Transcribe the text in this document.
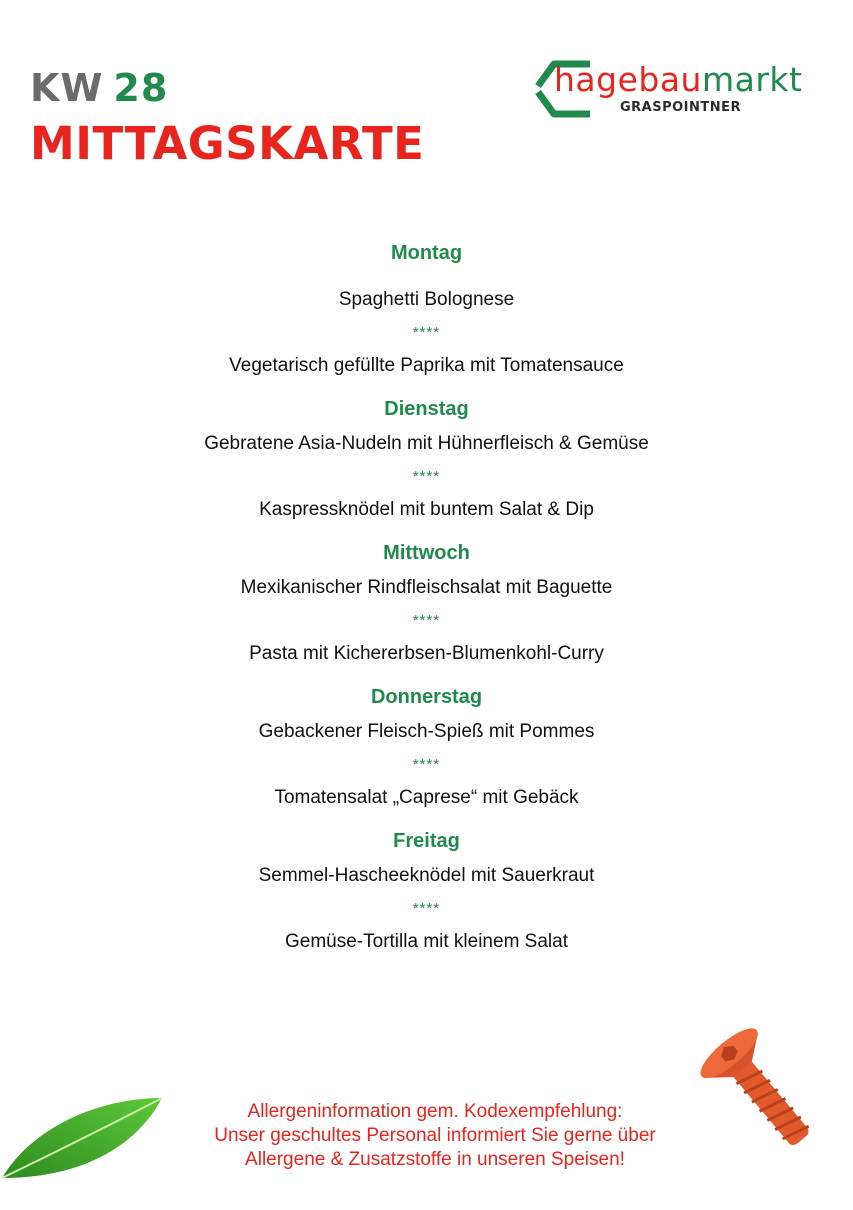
KW 28
MITTAGSKARTE
hagebaumarkt
GRASPOINTNER
Montag
Spaghetti Bolognese
****
Vegetarisch gefüllte Paprika mit Tomatensauce
Dienstag
Gebratene Asia-Nudeln mit Hühnerfleisch & Gemüse
****
Kaspressknödel mit buntem Salat & Dip
Mittwoch
Mexikanischer Rindfleischsalat mit Baguette
****
Pasta mit Kichererbsen-Blumenkohl-Curry
Donnerstag
Gebackener Fleisch-Spieß mit Pommes
****
Tomatensalat „Caprese“ mit Gebäck
Freitag
Semmel-Hascheeknödel mit Sauerkraut
****
Gemüse-Tortilla mit kleinem Salat
Allergeninformation gem. Kodexempfehlung:
Unser geschultes Personal informiert Sie gerne über
Allergene & Zusatzstoffe in unseren Speisen!
